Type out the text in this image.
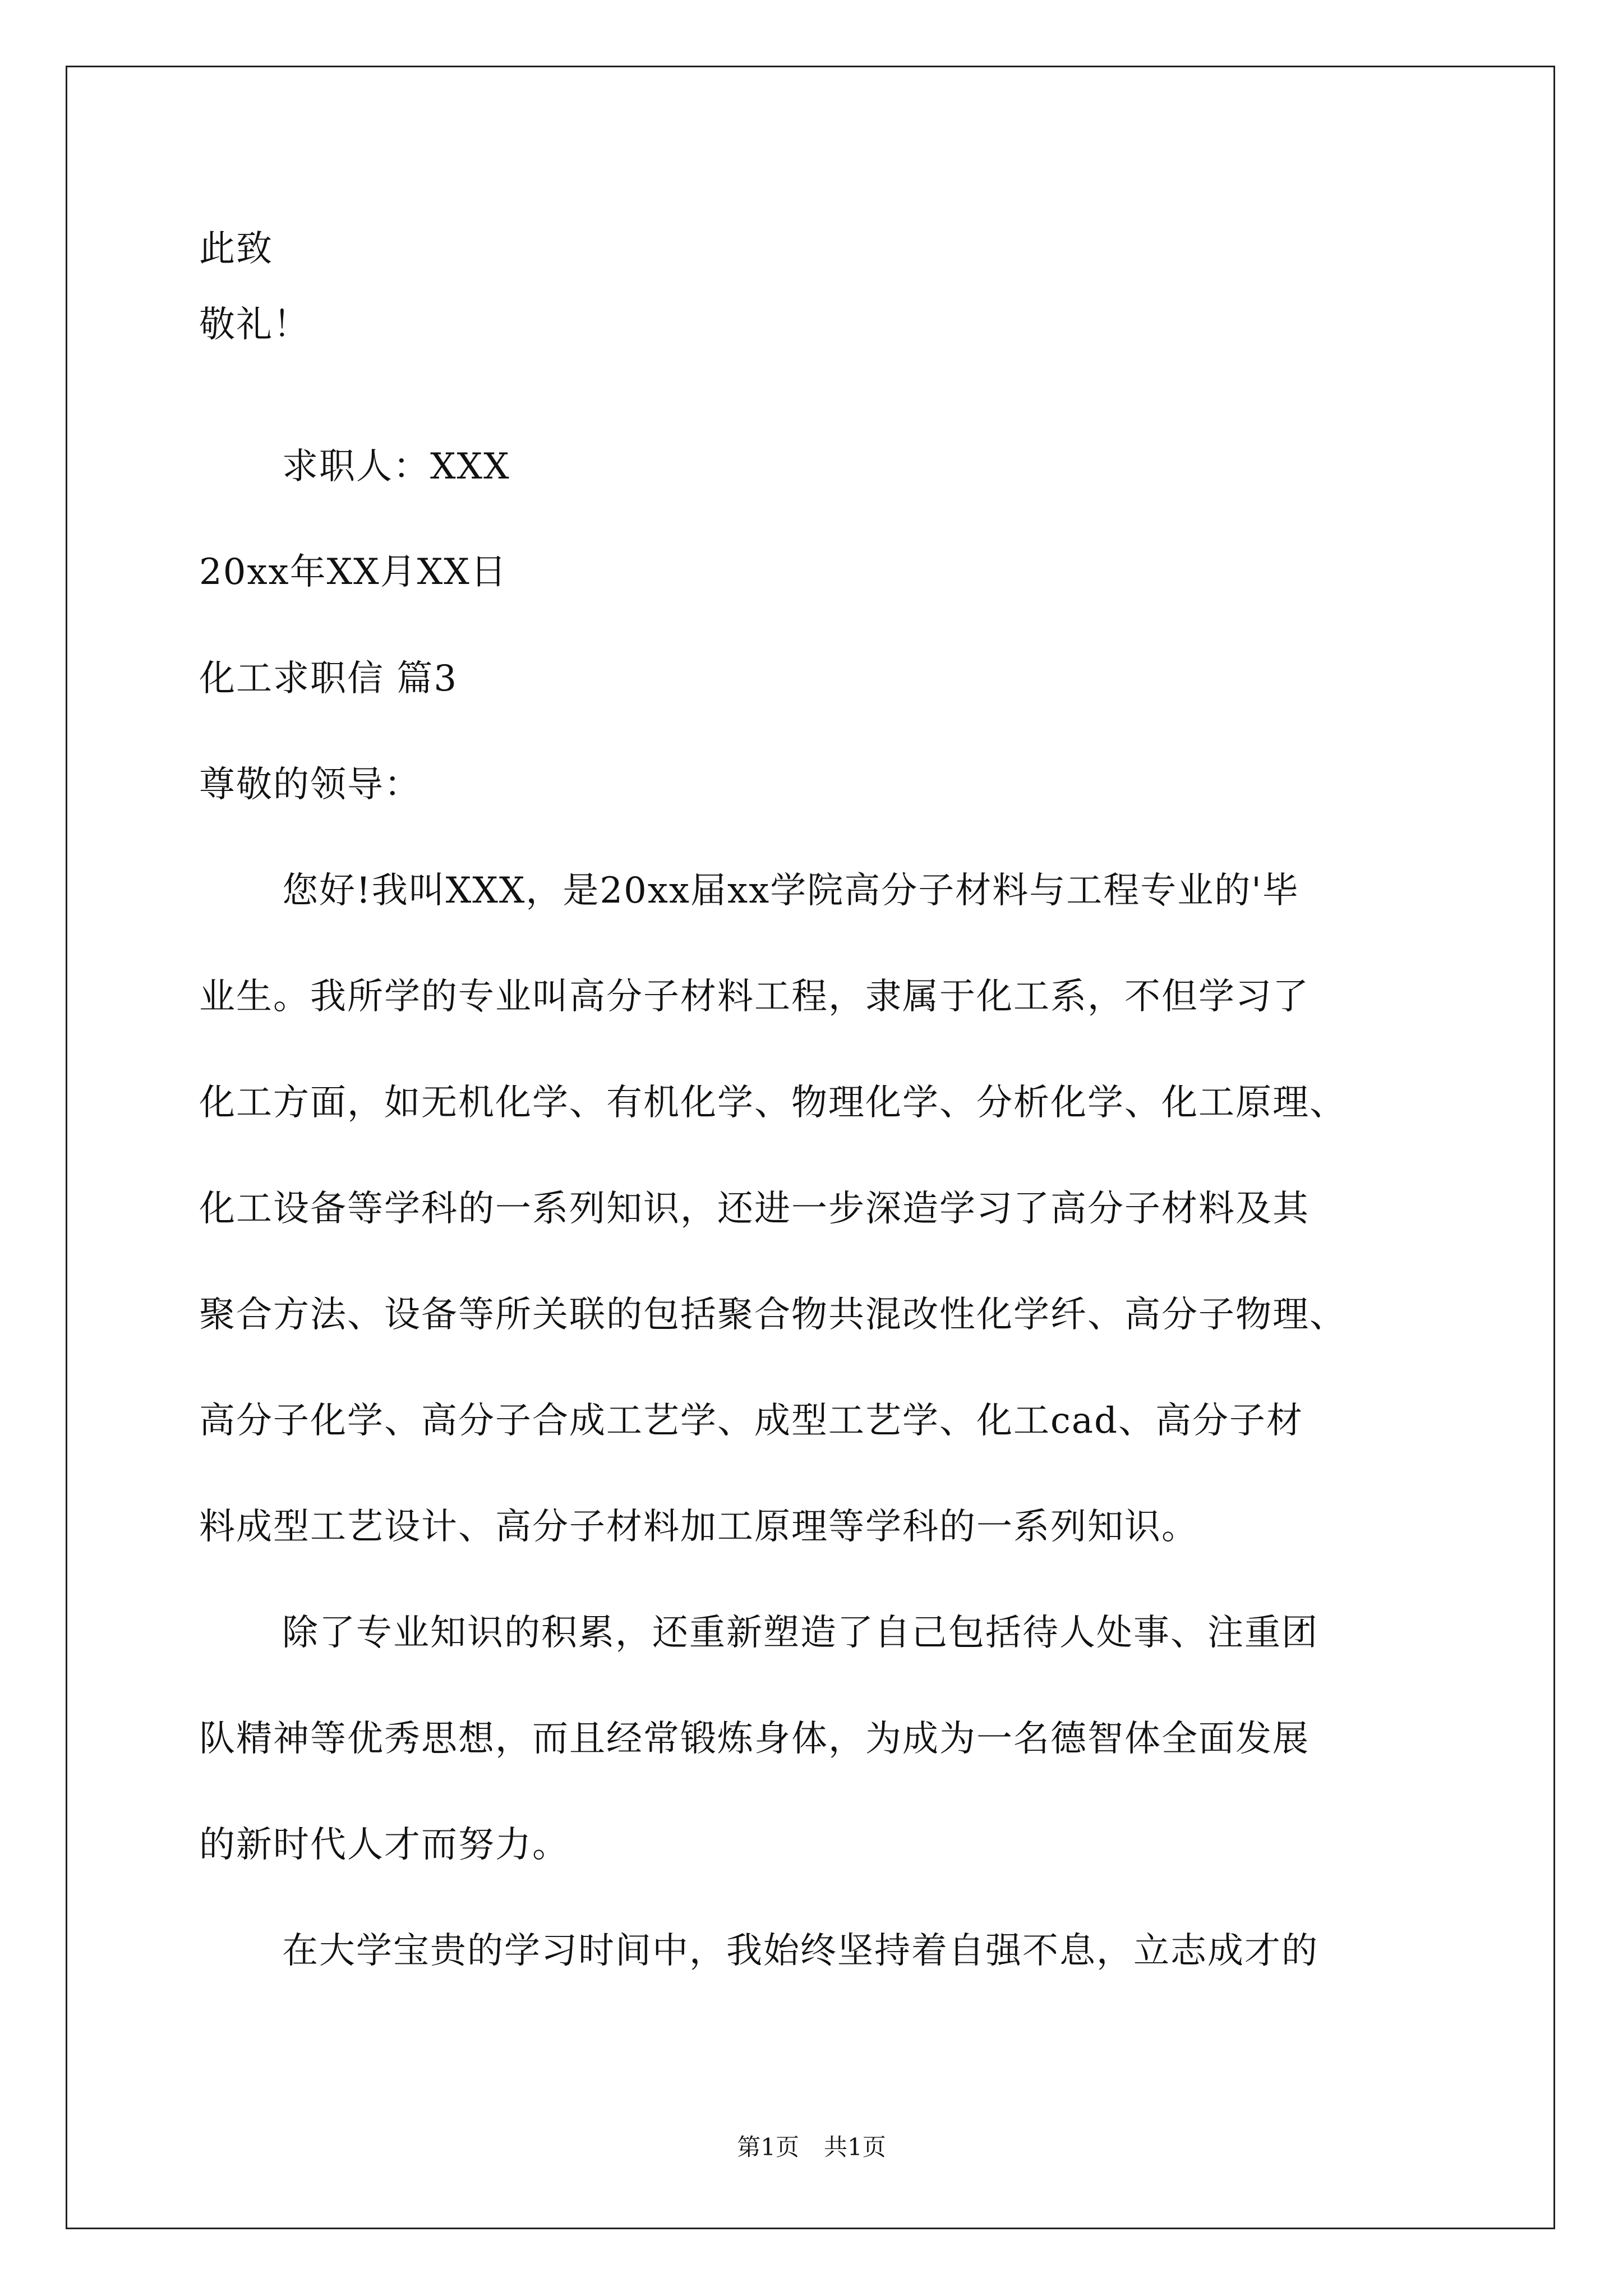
此致
敬礼！
求职人：XXX
20xx年XX月XX日
化工求职信 篇3
尊敬的领导：
您好!我叫XXX，是20xx届xx学院高分子材料与工程专业的'毕
业生。我所学的专业叫高分子材料工程，隶属于化工系，不但学习了
化工方面，如无机化学、有机化学、物理化学、分析化学、化工原理、
化工设备等学科的一系列知识，还进一步深造学习了高分子材料及其
聚合方法、设备等所关联的包括聚合物共混改性化学纤、高分子物理、
高分子化学、高分子合成工艺学、成型工艺学、化工cad、高分子材
料成型工艺设计、高分子材料加工原理等学科的一系列知识。
除了专业知识的积累，还重新塑造了自己包括待人处事、注重团
队精神等优秀思想，而且经常锻炼身体，为成为一名德智体全面发展
的新时代人才而努力。
在大学宝贵的学习时间中，我始终坚持着自强不息，立志成才的
第1页 共1页
